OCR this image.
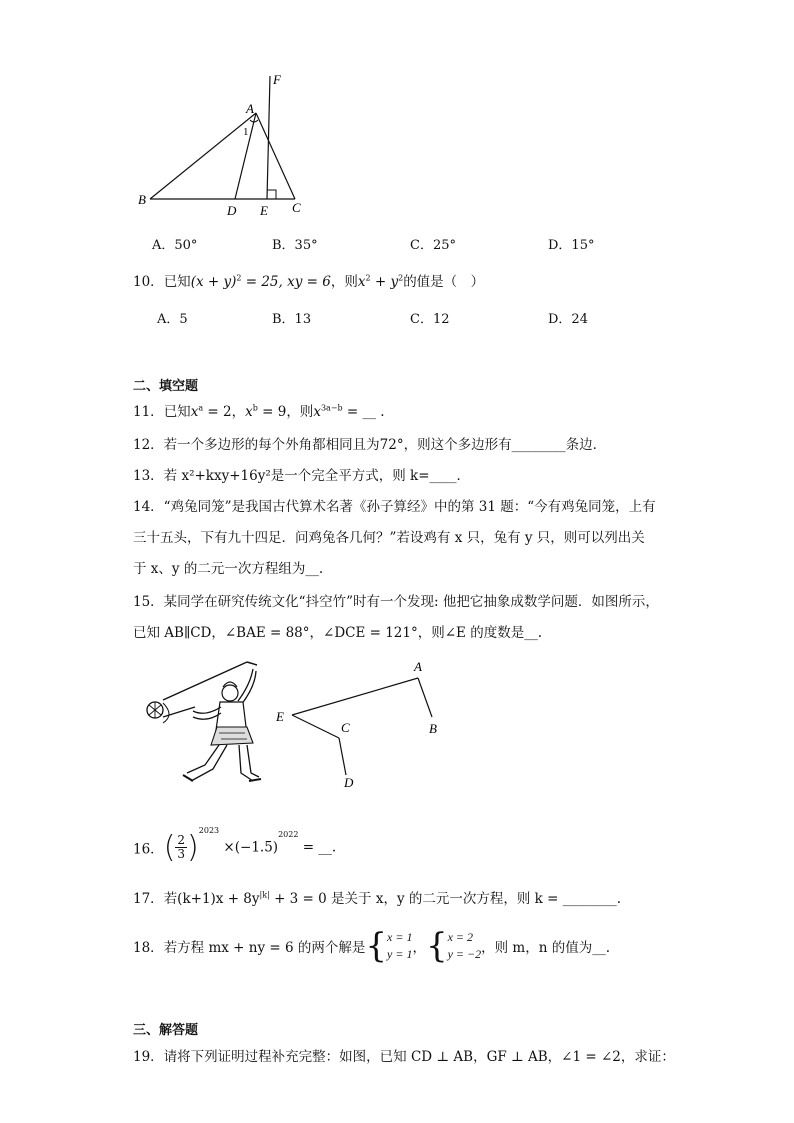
F
A
1
B
D E C
A．50°	B．35°	C．25°	D．15°
10．已知$(x + y)^2 = 25$, xy = 6，则$x^2 + y^2$的值是（　）
A．5	B．13	C．12	D．24
二、填空题
11．已知$x^a = 2$，$x^b = 9$，则$x^{3a-b}$ = __ .
12．若一个多边形的每个外角都相同且为72°，则这个多边形有________条边．
13．若 x²+kxy+16y²是一个完全平方式，则 k=____．
14．“鸡兔同笼”是我国古代算术名著《孙子算经》中的第 31 题：“今有鸡兔同笼，上有
三十五头，下有九十四足．问鸡兔各几何？”若设鸡有 x 只，兔有 y 只，则可以列出关
于 x、y 的二元一次方程组为__.
15．某同学在研究传统文化“抖空竹”时有一个发现: 他把它抽象成数学问题．如图所示，
已知 AB∥CD，∠BAE = 88°，∠DCE = 121°，则∠E 的度数是__.
A
B
C
D
E
16．( $\frac{2}{3} )^{2023} \times(-1.5)^{2022}$ = __.
17．若$(k+1)x + 8y^{|k|} + 3 = 0$ 是关于 x，y 的二元一次方程，则 k = ________.
18．若方程 mx + ny = 6 的两个解是{ x = 1
y = 1 ，{ x = 2
y = −2 ，则 m，n 的值为__.
三、解答题
19．请将下列证明过程补充完整：如图，已知 CD ⊥ AB，GF ⊥ AB，∠1 = ∠2，求证：
